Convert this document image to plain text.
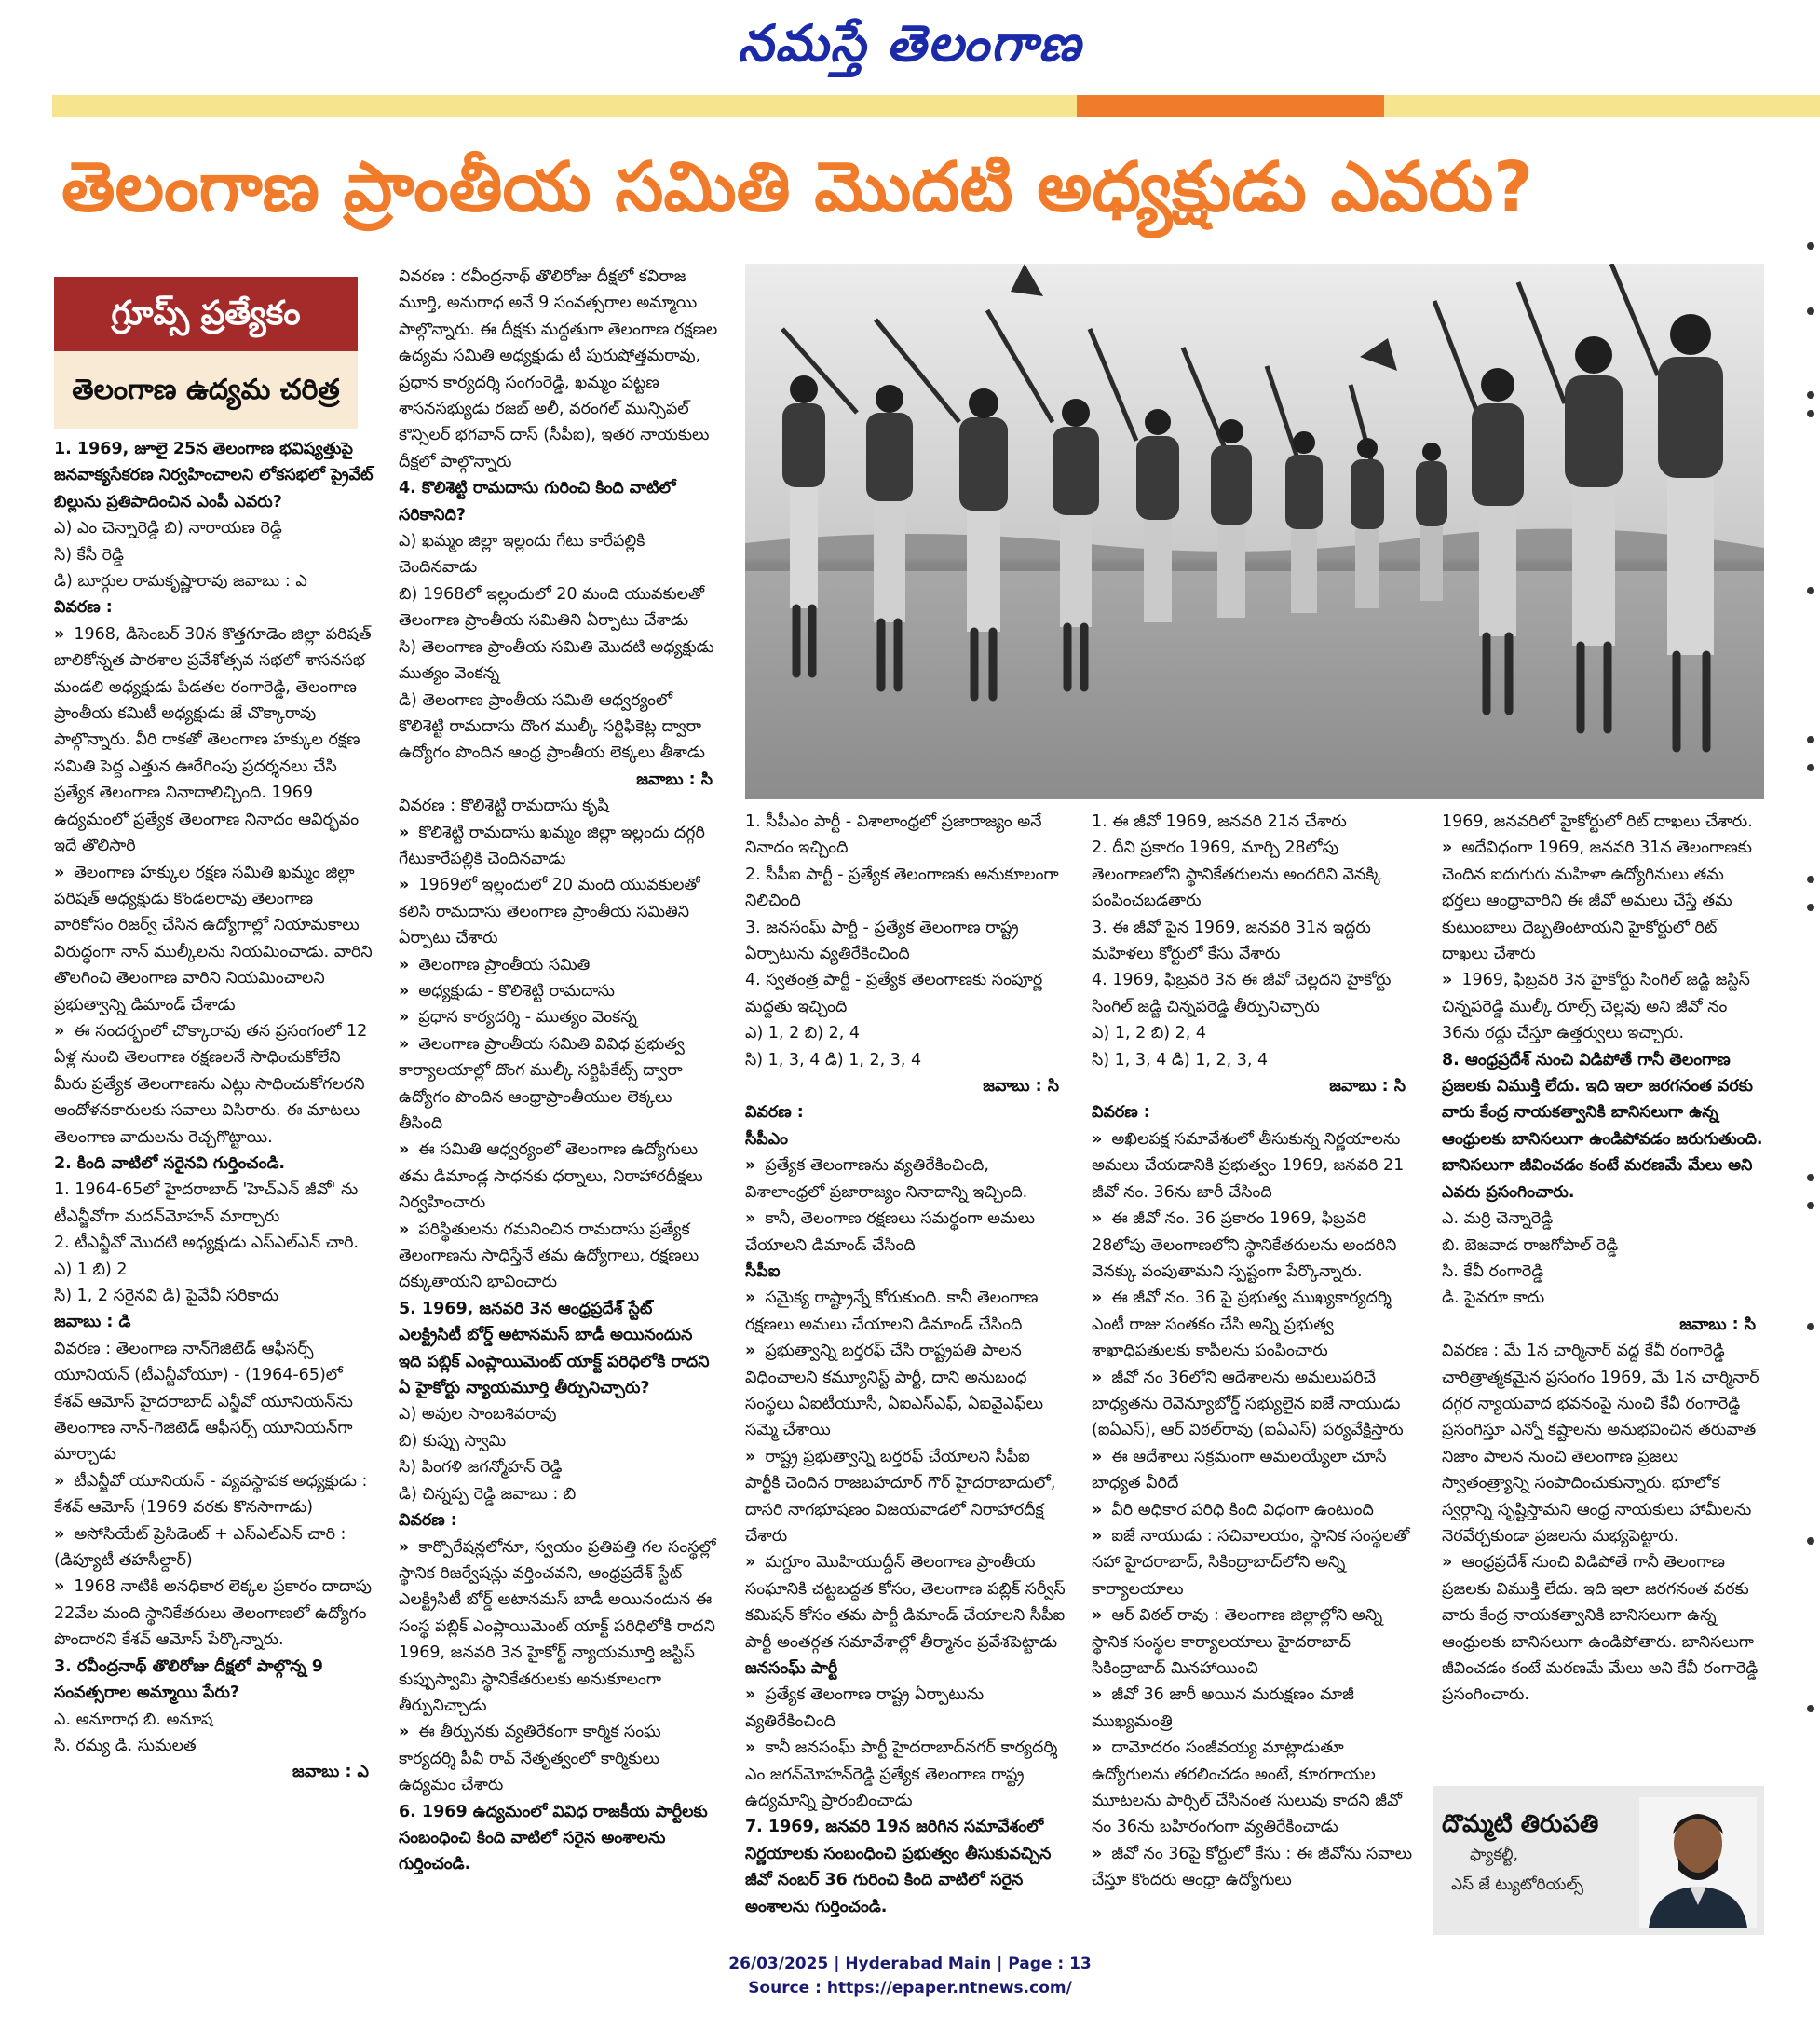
నమస్తే తెలంగాణ
తెలంగాణ ప్రాంతీయ సమితి మొదటి అధ్యక్షుడు ఎవరు?
గ్రూప్స్ ప్రత్యేకం
తెలంగాణ ఉద్యమ చరిత్ర

1. 1969, జూలై 25న తెలంగాణ భవిష్యత్తుపై జనవాక్యసేకరణ నిర్వహించాలని లోకసభలో ప్రైవేట్ బిల్లును ప్రతిపాదించిన ఎంపీ ఎవరు?

ఎ) ఎం చెన్నారెడ్డి బి) నారాయణ రెడ్డి

సి) కేసీ రెడ్డి

డి) బూర్గుల రామకృష్ణారావు జవాబు : ఎ

వివరణ :

» 1968, డిసెంబర్ 30న కొత్తగూడెం జిల్లా పరిషత్ బాలికోన్నత పాఠశాల ప్రవేశోత్సవ సభలో శాసనసభ మండలి అధ్యక్షుడు పిడతల రంగారెడ్డి, తెలంగాణ ప్రాంతీయ కమిటీ అధ్యక్షుడు జే చొక్కారావు పాల్గొన్నారు. వీరి రాకతో తెలంగాణ హక్కుల రక్షణ సమితి పెద్ద ఎత్తున ఊరేగింపు ప్రదర్శనలు చేసి ప్రత్యేక తెలంగాణ నినాదాలిచ్చింది. 1969 ఉద్యమంలో ప్రత్యేక తెలంగాణ నినాదం ఆవిర్భవం ఇదే తొలిసారి

» తెలంగాణ హక్కుల రక్షణ సమితి ఖమ్మం జిల్లా పరిషత్ అధ్యక్షుడు కొండలరావు తెలంగాణ వారికోసం రిజర్వ్ చేసిన ఉద్యోగాల్లో నియామకాలు విరుద్ధంగా నాన్ ముల్కీలను నియమించాడు. వారిని తొలగించి తెలంగాణ వారిని నియమించాలని ప్రభుత్వాన్ని డిమాండ్ చేశాడు

» ఈ సందర్భంలో చొక్కారావు తన ప్రసంగంలో 12 ఏళ్ల నుంచి తెలంగాణ రక్షణలనే సాధించుకోలేని మీరు ప్రత్యేక తెలంగాణను ఎట్లు సాధించుకోగలరని ఆందోళనకారులకు సవాలు విసిరారు. ఈ మాటలు తెలంగాణ వాదులను రెచ్చగొట్టాయి.

2. కింది వాటిలో సరైనవి గుర్తించండి.

1. 1964-65లో హైదరాబాద్ 'హెచ్ఎన్ జీవో' ను టీఎన్జీవోగా మదన్‌మోహన్ మార్చారు

2. టీఎన్జీవో మొదటి అధ్యక్షుడు ఎస్ఎల్ఎన్ చారి.

ఎ) 1 బి) 2

సి) 1, 2 సరైనవి డి) పైవేవీ సరికాదు

జవాబు : డి

వివరణ : తెలంగాణ నాన్‌గెజిటెడ్ ఆఫీసర్స్ యూనియన్ (టీఎన్జీవోయూ) - (1964-65)లో కేశవ్ ఆమోస్ హైదరాబాద్ ఎన్జీవో యూనియన్‌ను తెలంగాణ నాన్-గెజిటెడ్ ఆఫీసర్స్ యూనియన్‌గా మార్చాడు

» టీఎన్జీవో యూనియన్ - వ్యవస్థాపక అధ్యక్షుడు : కేశవ్ ఆమోస్ (1969 వరకు కొనసాగాడు)

» అసోసియేట్ ప్రెసిడెంట్ + ఎస్ఎల్ఎన్ చారి : (డిప్యూటీ తహసీల్దార్)

» 1968 నాటికి అనధికార లెక్కల ప్రకారం దాదాపు 22వేల మంది స్థానికేతరులు తెలంగాణలో ఉద్యోగం పొందారని కేశవ్ ఆమోస్ పేర్కొన్నారు.

3. రవీంద్రనాథ్ తొలిరోజు దీక్షలో పాల్గొన్న 9 సంవత్సరాల అమ్మాయి పేరు?

ఎ. అనూరాధ బి. అనూష

సి. రమ్య డి. సుమలత

జవాబు : ఎ

వివరణ : రవీంద్రనాథ్ తొలిరోజు దీక్షలో కవిరాజ మూర్తి, అనురాధ అనే 9 సంవత్సరాల అమ్మాయి పాల్గొన్నారు. ఈ దీక్షకు మద్దతుగా తెలంగాణ రక్షణల ఉద్యమ సమితి అధ్యక్షుడు టీ పురుషోత్తమరావు, ప్రధాన కార్యదర్శి సంగంరెడ్డి, ఖమ్మం పట్టణ శాసనసభ్యుడు రజబ్ అలీ, వరంగల్ మున్సిపల్ కౌన్సిలర్ భగవాన్ దాస్ (సీపీఐ), ఇతర నాయకులు దీక్షలో పాల్గొన్నారు

4. కొలిశెట్టి రామదాసు గురించి కింది వాటిలో సరికానిది?

ఎ) ఖమ్మం జిల్లా ఇల్లందు గేటు కారేపల్లికి చెందినవాడు

బి) 1968లో ఇల్లందులో 20 మంది యువకులతో తెలంగాణ ప్రాంతీయ సమితిని ఏర్పాటు చేశాడు

సి) తెలంగాణ ప్రాంతీయ సమితి మొదటి అధ్యక్షుడు ముత్యం వెంకన్న

డి) తెలంగాణ ప్రాంతీయ సమితి ఆధ్వర్యంలో కొలిశెట్టి రామదాసు దొంగ ముల్కీ సర్టిఫికెట్ల ద్వారా ఉద్యోగం పొందిన ఆంధ్ర ప్రాంతీయ లెక్కలు తీశాడు

జవాబు : సి

వివరణ : కొలిశెట్టి రామదాసు కృషి

» కొలిశెట్టి రామదాసు ఖమ్మం జిల్లా ఇల్లందు దగ్గరి గేటుకారేపల్లికి చెందినవాడు

» 1969లో ఇల్లందులో 20 మంది యువకులతో కలిసి రామదాసు తెలంగాణ ప్రాంతీయ సమితిని ఏర్పాటు చేశారు

» తెలంగాణ ప్రాంతీయ సమితి

» అధ్యక్షుడు - కొలిశెట్టి రామదాసు

» ప్రధాన కార్యదర్శి - ముత్యం వెంకన్న

» తెలంగాణ ప్రాంతీయ సమితి వివిధ ప్రభుత్వ కార్యాలయాల్లో దొంగ ముల్కీ సర్టిఫికేట్స్ ద్వారా ఉద్యోగం పొందిన ఆంధ్రాప్రాంతీయుల లెక్కలు తీసింది

» ఈ సమితి ఆధ్వర్యంలో తెలంగాణ ఉద్యోగులు తమ డిమాండ్ల సాధనకు ధర్నాలు, నిరాహారదీక్షలు నిర్వహించారు

» పరిస్థితులను గమనించిన రామదాసు ప్రత్యేక తెలంగాణను సాధిస్తేనే తమ ఉద్యోగాలు, రక్షణలు దక్కుతాయని భావించారు

5. 1969, జనవరి 3న ఆంధ్రప్రదేశ్ స్టేట్ ఎలక్ట్రిసిటీ బోర్డ్ అటానమస్ బాడీ అయినందున ఇది పబ్లిక్ ఎంప్లాయిమెంట్ యాక్ట్ పరిధిలోకి రాదని ఏ హైకోర్టు న్యాయమూర్తి తీర్పునిచ్చారు?

ఎ) అవుల సాంబశివరావు

బి) కుప్పు స్వామి

సి) పింగళి జగన్మోహన్ రెడ్డి

డి) చిన్నప్ప రెడ్డి జవాబు : బి

వివరణ :

» కార్పొరేషన్లలోనూ, స్వయం ప్రతిపత్తి గల సంస్థల్లో స్థానిక రిజర్వేషన్లు వర్తించవని, ఆంధ్రప్రదేశ్ స్టేట్ ఎలక్ట్రిసిటీ బోర్డ్ అటానమస్ బాడీ అయినందున ఈ సంస్థ పబ్లిక్ ఎంప్లాయిమెంట్ యాక్ట్ పరిధిలోకి రాదని 1969, జనవరి 3న హైకోర్ట్ న్యాయమూర్తి జస్టిస్ కుప్పుస్వామి స్థానికేతరులకు అనుకూలంగా తీర్పునిచ్చాడు

» ఈ తీర్పునకు వ్యతిరేకంగా కార్మిక సంఘ కార్యదర్శి పీవీ రావ్ నేతృత్వంలో కార్మికులు ఉద్యమం చేశారు

6. 1969 ఉద్యమంలో వివిధ రాజకీయ పార్టీలకు సంబంధించి కింది వాటిలో సరైన అంశాలను గుర్తించండి.

1. సీపీఎం పార్టీ - విశాలాంధ్రలో ప్రజారాజ్యం అనే నినాదం ఇచ్చింది

2. సీపీఐ పార్టీ - ప్రత్యేక తెలంగాణకు అనుకూలంగా నిలిచింది

3. జనసంఘ్ పార్టీ - ప్రత్యేక తెలంగాణ రాష్ట్ర ఏర్పాటును వ్యతిరేకించింది

4. స్వతంత్ర పార్టీ - ప్రత్యేక తెలంగాణకు సంపూర్ణ మద్దతు ఇచ్చింది

ఎ) 1, 2 బి) 2, 4

సి) 1, 3, 4 డి) 1, 2, 3, 4

జవాబు : సి

వివరణ :

సీపీఎం

» ప్రత్యేక తెలంగాణను వ్యతిరేకించింది, విశాలాంధ్రలో ప్రజారాజ్యం నినాదాన్ని ఇచ్చింది.

» కానీ, తెలంగాణ రక్షణలు సమర్థంగా అమలు చేయాలని డిమాండ్ చేసింది

సీపీఐ

» సమైక్య రాష్ట్రాన్నే కోరుకుంది. కానీ తెలంగాణ రక్షణలు అమలు చేయాలని డిమాండ్ చేసింది

» ప్రభుత్వాన్ని బర్తరఫ్ చేసి రాష్ట్రపతి పాలన విధించాలని కమ్యూనిస్ట్ పార్టీ, దాని అనుబంధ సంస్థలు ఏఐటీయూసీ, ఏఐఎస్ఎఫ్, ఏఐవైఎఫ్‌లు సమ్మె చేశాయి

» రాష్ట్ర ప్రభుత్వాన్ని బర్తరఫ్ చేయాలని సీపీఐ పార్టీకి చెందిన రాజబహదూర్ గౌర్ హైదరాబాదులో, దాసరి నాగభూషణం విజయవాడలో నిరాహారదీక్ష చేశారు

» మగ్దూం మొహియుద్దీన్ తెలంగాణ ప్రాంతీయ సంఘానికి చట్టబద్ధత కోసం, తెలంగాణ పబ్లిక్ సర్వీస్ కమిషన్ కోసం తమ పార్టీ డిమాండ్ చేయాలని సీపీఐ పార్టీ అంతర్గత సమావేశాల్లో తీర్మానం ప్రవేశపెట్టాడు

జనసంఘ్ పార్టీ

» ప్రత్యేక తెలంగాణ రాష్ట్ర ఏర్పాటును వ్యతిరేకించింది

» కానీ జనసంఘ్ పార్టీ హైదరాబాద్‌నగర్ కార్యదర్శి ఎం జగన్‌మోహన్‌రెడ్డి ప్రత్యేక తెలంగాణ రాష్ట్ర ఉద్యమాన్ని ప్రారంభించాడు

7. 1969, జనవరి 19న జరిగిన సమావేశంలో నిర్ణయాలకు సంబంధించి ప్రభుత్వం తీసుకువచ్చిన జీవో నంబర్ 36 గురించి కింది వాటిలో సరైన అంశాలను గుర్తించండి.

1. ఈ జీవో 1969, జనవరి 21న చేశారు

2. దీని ప్రకారం 1969, మార్చి 28లోపు తెలంగాణలోని స్థానికేతరులను అందరిని వెనక్కి పంపించబడతారు

3. ఈ జీవో పైన 1969, జనవరి 31న ఇద్దరు మహిళలు కోర్టులో కేసు వేశారు

4. 1969, ఫిబ్రవరి 3న ఈ జీవో చెల్లదని హైకోర్టు సింగిల్ జడ్జి చిన్నపరెడ్డి తీర్పునిచ్చారు

ఎ) 1, 2 బి) 2, 4

సి) 1, 3, 4 డి) 1, 2, 3, 4

జవాబు : సి

వివరణ :

» అఖిలపక్ష సమావేశంలో తీసుకున్న నిర్ణయాలను అమలు చేయడానికి ప్రభుత్వం 1969, జనవరి 21 జీవో నం. 36ను జారీ చేసింది

» ఈ జీవో నం. 36 ప్రకారం 1969, ఫిబ్రవరి 28లోపు తెలంగాణలోని స్థానికేతరులను అందరిని వెనక్కు పంపుతామని స్పష్టంగా పేర్కొన్నారు.

» ఈ జీవో నం. 36 పై ప్రభుత్వ ముఖ్యకార్యదర్శి ఎంటీ రాజు సంతకం చేసి అన్ని ప్రభుత్వ శాఖాధిపతులకు కాపీలను పంపించారు

» జీవో నం 36లోని ఆదేశాలను అమలుపరిచే బాధ్యతను రెవెన్యూబోర్డ్ సభ్యులైన ఐజే నాయుడు (ఐఏఎస్), ఆర్ విఠల్‌రావు (ఐఏఎస్) పర్యవేక్షిస్తారు

» ఈ ఆదేశాలు సక్రమంగా అమలయ్యేలా చూసే బాధ్యత వీరిదే

» వీరి అధికార పరిధి కింది విధంగా ఉంటుంది

» ఐజే నాయుడు : సచివాలయం, స్థానిక సంస్థలతో సహా హైదరాబాద్, సికింద్రాబాద్‌లోని అన్ని కార్యాలయాలు

» ఆర్ విఠల్ రావు : తెలంగాణ జిల్లాల్లోని అన్ని స్థానిక సంస్థల కార్యాలయాలు హైదరాబాద్ సికింద్రాబాద్ మినహాయించి

» జీవో 36 జారీ అయిన మరుక్షణం మాజీ ముఖ్యమంత్రి

» దామోదరం సంజీవయ్య మాట్లాడుతూ ఉద్యోగులను తరలించడం అంటే, కూరగాయల మూటలను పార్సిల్ చేసినంత సులువు కాదని జీవో నం 36ను బహిరంగంగా వ్యతిరేకించాడు

» జీవో నం 36పై కోర్టులో కేసు : ఈ జీవోను సవాలు చేస్తూ కొందరు ఆంధ్రా ఉద్యోగులు

1969, జనవరిలో హైకోర్టులో రిట్ దాఖలు చేశారు.

» అదేవిధంగా 1969, జనవరి 31న తెలంగాణకు చెందిన ఐదుగురు మహిళా ఉద్యోగినులు తమ భర్తలు ఆంధ్రావారిని ఈ జీవో అమలు చేస్తే తమ కుటుంబాలు దెబ్బతింటాయని హైకోర్టులో రిట్ దాఖలు చేశారు

» 1969, ఫిబ్రవరి 3న హైకోర్టు సింగిల్ జడ్జి జస్టిస్ చిన్నపరెడ్డి ముల్కీ రూల్స్ చెల్లవు అని జీవో నం 36ను రద్దు చేస్తూ ఉత్తర్వులు ఇచ్చారు.

8. ఆంధ్రప్రదేశ్ నుంచి విడిపోతే గానీ తెలంగాణ ప్రజలకు విముక్తి లేదు. ఇది ఇలా జరగనంత వరకు వారు కేంద్ర నాయకత్వానికి బానిసలుగా ఉన్న ఆంధ్రులకు బానిసలుగా ఉండిపోవడం జరుగుతుంది. బానిసలుగా జీవించడం కంటే మరణమే మేలు అని ఎవరు ప్రసంగించారు.

ఎ. మర్రి చెన్నారెడ్డి

బి. బెజవాడ రాజగోపాల్ రెడ్డి

సి. కేవీ రంగారెడ్డి

డి. పైవరూ కాదు

జవాబు : సి

వివరణ : మే 1న చార్మినార్ వద్ద కేవీ రంగారెడ్డి చారిత్రాత్మకమైన ప్రసంగం 1969, మే 1న చార్మినార్ దగ్గర న్యాయవాద భవనంపై నుంచి కేవీ రంగారెడ్డి ప్రసంగిస్తూ ఎన్నో కష్టాలను అనుభవించిన తరువాత నిజాం పాలన నుంచి తెలంగాణ ప్రజలు స్వాతంత్ర్యాన్ని సంపాదించుకున్నారు. భూలోక స్వర్గాన్ని సృష్టిస్తామని ఆంధ్ర నాయకులు హామీలను నెరవేర్చకుండా ప్రజలను మభ్యపెట్టారు.

» ఆంధ్రప్రదేశ్ నుంచి విడిపోతే గానీ తెలంగాణ ప్రజలకు విముక్తి లేదు. ఇది ఇలా జరగనంత వరకు వారు కేంద్ర నాయకత్వానికి బానిసలుగా ఉన్న ఆంధ్రులకు బానిసలుగా ఉండిపోతారు. బానిసలుగా జీవించడం కంటే మరణమే మేలు అని కేవీ రంగారెడ్డి ప్రసంగించారు.

దొమ్మటి తిరుపతి
ఫ్యాకల్టీ,
ఎస్ జే ట్యుటోరియల్స్
26/03/2025 | Hyderabad Main | Page : 13
Source : https://epaper.ntnews.com/
